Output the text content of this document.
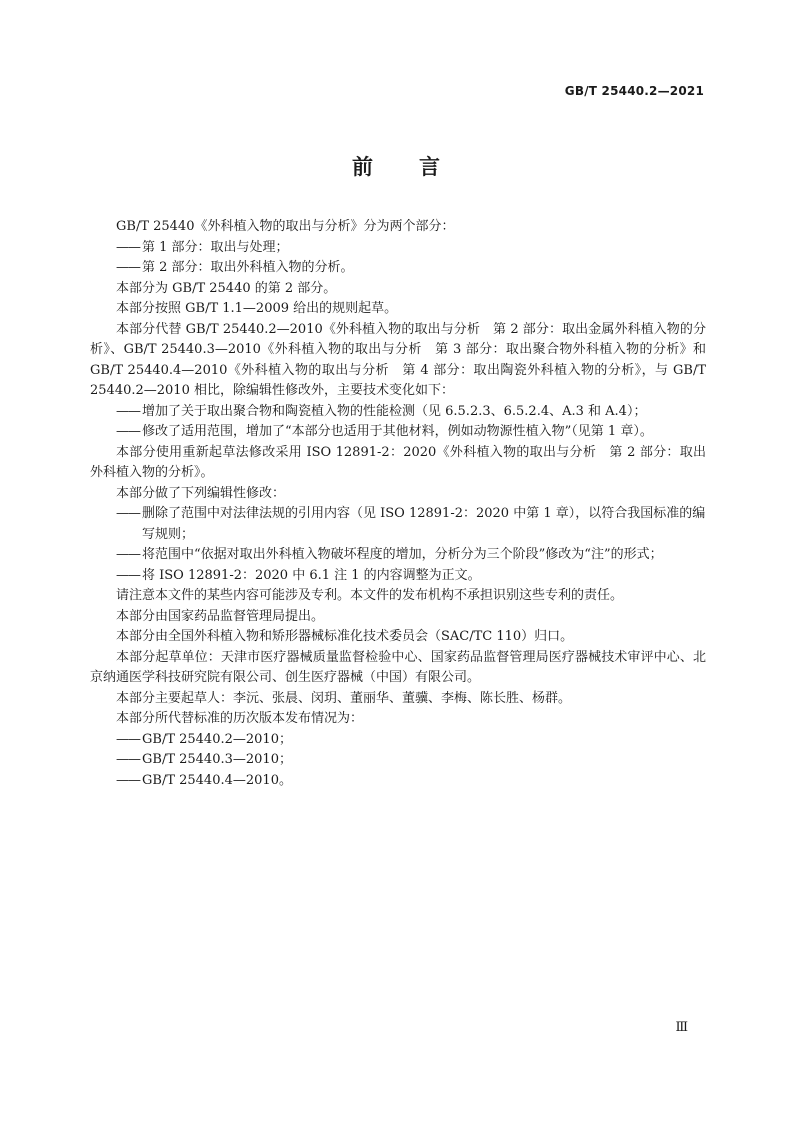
GB/T 25440.2—2021
前 言

GB/T 25440《外科植入物的取出与分析》分为两个部分：

—— 第 1 部分：取出与处理；

—— 第 2 部分：取出外科植入物的分析。

本部分为 GB/T 25440 的第 2 部分。

本部分按照 GB/T 1.1—2009 给出的规则起草。

本部分代替 GB/T 25440.2—2010《外科植入物的取出与分析　第 2 部分：取出金属外科植入物的分析》、GB/T 25440.3—2010《外科植入物的取出与分析　第 3 部分：取出聚合物外科植入物的分析》和 GB/T 25440.4—2010《外科植入物的取出与分析　第 4 部分：取出陶瓷外科植入物的分析》，与 GB/T 25440.2—2010 相比，除编辑性修改外，主要技术变化如下：

—— 增加了关于取出聚合物和陶瓷植入物的性能检测（见 6.5.2.3、6.5.2.4、A.3 和 A.4）；

—— 修改了适用范围，增加了“本部分也适用于其他材料，例如动物源性植入物”（见第 1 章）。

本部分使用重新起草法修改采用 ISO 12891-2：2020《外科植入物的取出与分析　第 2 部分：取出外科植入物的分析》。

本部分做了下列编辑性修改：

—— 删除了范围中对法律法规的引用内容（见 ISO 12891-2：2020 中第 1 章），以符合我国标准的编写规则；

—— 将范围中“依据对取出外科植入物破坏程度的增加，分析分为三个阶段”修改为“注”的形式；

—— 将 ISO 12891-2：2020 中 6.1 注 1 的内容调整为正文。

请注意本文件的某些内容可能涉及专利。本文件的发布机构不承担识别这些专利的责任。

本部分由国家药品监督管理局提出。

本部分由全国外科植入物和矫形器械标准化技术委员会（SAC/TC 110）归口。

本部分起草单位：天津市医疗器械质量监督检验中心、国家药品监督管理局医疗器械技术审评中心、北京纳通医学科技研究院有限公司、创生医疗器械（中国）有限公司。

本部分主要起草人：李沅、张晨、闵玥、董丽华、董骥、李梅、陈长胜、杨群。

本部分所代替标准的历次版本发布情况为：

—— GB/T 25440.2—2010；

—— GB/T 25440.3—2010；

—— GB/T 25440.4—2010。

Ⅲ
